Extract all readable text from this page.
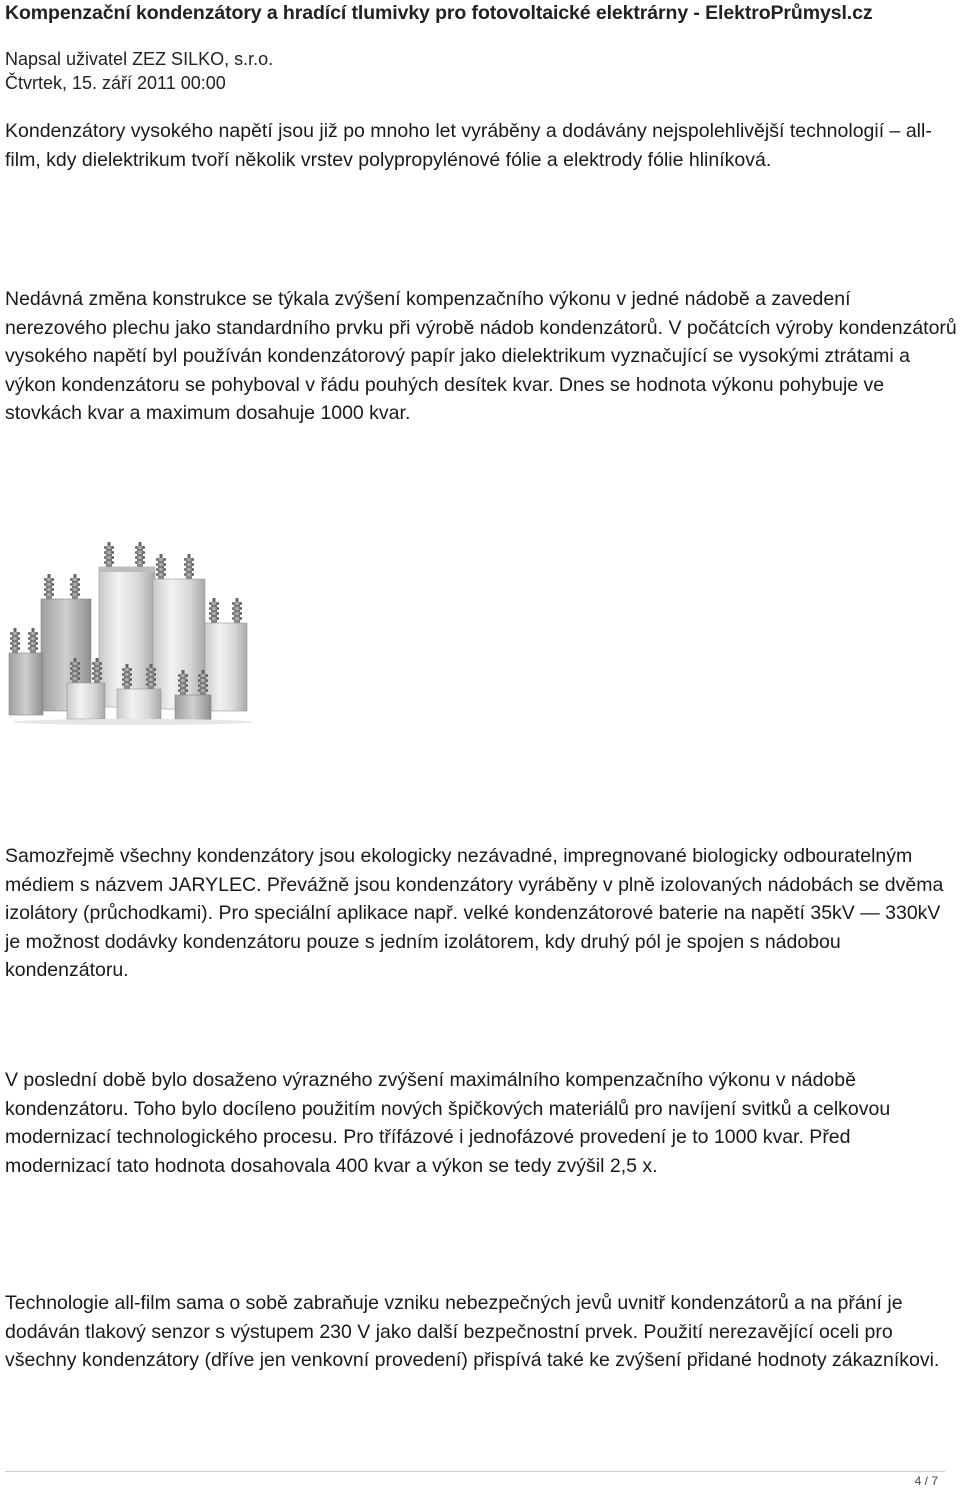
Kompenzační kondenzátory a hradící tlumivky pro fotovoltaické elektrárny - ElektroPrůmysl.cz
Napsal uživatel ZEZ SILKO, s.r.o.
Čtvrtek, 15. září 2011 00:00

Kondenzátory vysokého napětí jsou již po mnoho let vyráběny a dodávány nejspolehlivější technologií – all-film, kdy dielektrikum tvoří několik vrstev polypropylénové fólie a elektrody fólie hliníková.

Nedávná změna konstrukce se týkala zvýšení kompenzačního výkonu v jedné nádobě a zavedení nerezového plechu jako standardního prvku při výrobě nádob kondenzátorů. V počátcích výroby kondenzátorů vysokého napětí byl používán kondenzátorový papír jako dielektrikum vyznačující se vysokými ztrátami a výkon kondenzátoru se pohyboval v řádu pouhých desítek kvar. Dnes se hodnota výkonu pohybuje ve stovkách kvar a maximum dosahuje 1000 kvar.

Samozřejmě všechny kondenzátory jsou ekologicky nezávadné, impregnované biologicky odbouratelným médiem s názvem JARYLEC. Převážně jsou kondenzátory vyráběny v plně izolovaných nádobách se dvěma izolátory (průchodkami). Pro speciální aplikace např. velké kondenzátorové baterie na napětí 35kV — 330kV je možnost dodávky kondenzátoru pouze s jedním izolátorem, kdy druhý pól je spojen s nádobou kondenzátoru.

V poslední době bylo dosaženo výrazného zvýšení maximálního kompenzačního výkonu v nádobě kondenzátoru. Toho bylo docíleno použitím nových špičkových materiálů pro navíjení svitků a celkovou modernizací technologického procesu. Pro třífázové i jednofázové provedení je to 1000 kvar. Před modernizací tato hodnota dosahovala 400 kvar a výkon se tedy zvýšil 2,5 x.

Technologie all-film sama o sobě zabraňuje vzniku nebezpečných jevů uvnitř kondenzátorů a na přání je dodáván tlakový senzor s výstupem 230 V jako další bezpečnostní prvek. Použití nerezavějící oceli pro všechny kondenzátory (dříve jen venkovní provedení) přispívá také ke zvýšení přidané hodnoty zákazníkovi.

4 / 7
